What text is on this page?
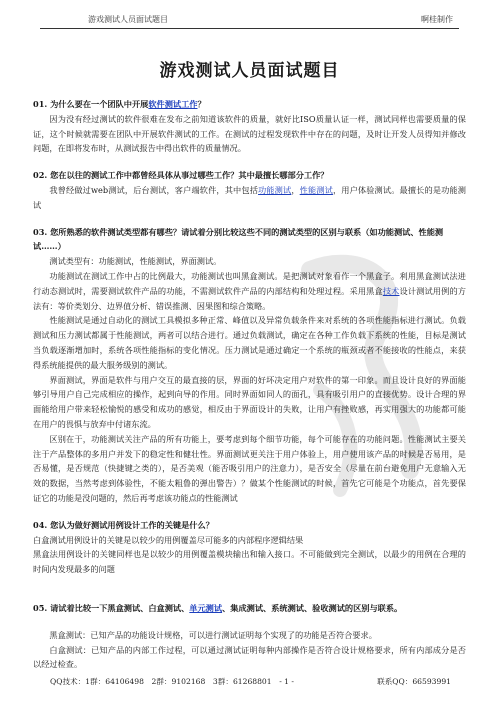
游戏测试人员面试题目	啊桂制作
游戏测试人员面试题目

01. 为什么要在一个团队中开展软件测试工作？

因为没有经过测试的软件很难在发布之前知道该软件的质量，就好比ISO质量认证一样，测试同样也需要质量的保证，这个时候就需要在团队中开展软件测试的工作。在测试的过程发现软件中存在的问题，及时让开发人员得知并修改问题，在即将发布时，从测试报告中得出软件的质量情况。

02. 您在以往的测试工作中都曾经具体从事过哪些工作？其中最擅长哪部分工作？

我曾经做过web测试，后台测试，客户端软件，其中包括功能测试，性能测试，用户体验测试。最擅长的是功能测试

03. 您所熟悉的软件测试类型都有哪些？请试着分别比较这些不同的测试类型的区别与联系（如功能测试、性能测试……）

测试类型有：功能测试，性能测试，界面测试。

功能测试在测试工作中占的比例最大，功能测试也叫黑盒测试。是把测试对象看作一个黑盒子。利用黑盒测试法进行动态测试时，需要测试软件产品的功能，不需测试软件产品的内部结构和处理过程。采用黑盒技术设计测试用例的方法有：等价类划分、边界值分析、错误推测、因果图和综合策略。

性能测试是通过自动化的测试工具模拟多种正常、峰值以及异常负载条件来对系统的各项性能指标进行测试。负载测试和压力测试都属于性能测试，两者可以结合进行。通过负载测试，确定在各种工作负载下系统的性能，目标是测试当负载逐渐增加时，系统各项性能指标的变化情况。压力测试是通过确定一个系统的瓶颈或者不能接收的性能点，来获得系统能提供的最大服务级别的测试。

界面测试，界面是软件与用户交互的最直接的层，界面的好坏决定用户对软件的第一印象。而且设计良好的界面能够引导用户自己完成相应的操作，起到向导的作用。同时界面如同人的面孔，具有吸引用户的直接优势。设计合理的界面能给用户带来轻松愉悦的感受和成功的感觉，相反由于界面设计的失败，让用户有挫败感，再实用强大的功能都可能在用户的畏惧与放弃中付诸东流。

区别在于，功能测试关注产品的所有功能上，要考虑到每个细节功能，每个可能存在的功能问题。性能测试主要关注于产品整体的多用户并发下的稳定性和健壮性。界面测试更关注于用户体验上，用户使用该产品的时候是否易用，是否易懂，是否规范（快捷键之类的），是否美观（能否吸引用户的注意力），是否安全（尽量在前台避免用户无意输入无效的数据，当然考虑到体验性，不能太粗鲁的弹出警告）？做某个性能测试的时候，首先它可能是个功能点，首先要保证它的功能是没问题的，然后再考虑该功能点的性能测试

04. 您认为做好测试用例设计工作的关键是什么？

白盒测试用例设计的关键是以较少的用例覆盖尽可能多的内部程序逻辑结果

黑盒法用例设计的关键同样也是以较少的用例覆盖模块输出和输入接口。不可能做到完全测试，以最少的用例在合理的时间内发现最多的问题

05. 请试着比较一下黑盒测试、白盒测试、单元测试、集成测试、系统测试、验收测试的区别与联系。

黑盒测试：已知产品的功能设计规格，可以进行测试证明每个实现了的功能是否符合要求。

白盒测试：已知产品的内部工作过程，可以通过测试证明每种内部操作是否符合设计规格要求，所有内部成分是否以经过检查。

QQ技术：1群：64106498　2群：9102168　3群：61268801　- 1 -	联系QQ：66593991
